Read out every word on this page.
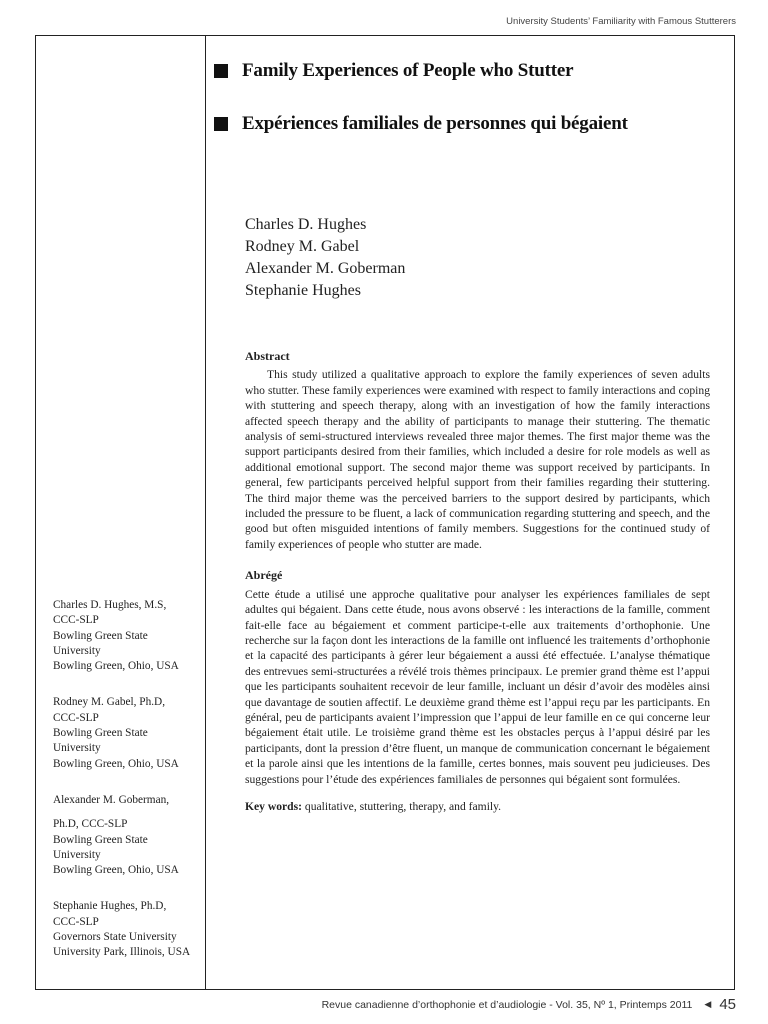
University Students’ Familiarity with Famous Stutterers
Family Experiences of People who Stutter
Expériences familiales de personnes qui bégaient
Charles D. Hughes
Rodney M. Gabel
Alexander M. Goberman
Stephanie Hughes
Abstract

This study utilized a qualitative approach to explore the family experiences of seven adults who stutter. These family experiences were examined with respect to family interactions and coping with stuttering and speech therapy, along with an investigation of how the family interactions affected speech therapy and the ability of participants to manage their stuttering. The thematic analysis of semi-structured interviews revealed three major themes. The first major theme was the support participants desired from their families, which included a desire for role models as well as additional emotional support. The second major theme was support received by participants. In general, few participants perceived helpful support from their families regarding their stuttering. The third major theme was the perceived barriers to the support desired by participants, which included the pressure to be fluent, a lack of communication regarding stuttering and speech, and the good but often misguided intentions of family members. Suggestions for the continued study of family experiences of people who stutter are made.

Abrégé

Cette étude a utilisé une approche qualitative pour analyser les expériences familiales de sept adultes qui bégaient. Dans cette étude, nous avons observé : les interactions de la famille, comment fait-elle face au bégaiement et comment participe-t-elle aux traitements d’orthophonie. Une recherche sur la façon dont les interactions de la famille ont influencé les traitements d’orthophonie et la capacité des participants à gérer leur bégaiement a aussi été effectuée. L’analyse thématique des entrevues semi-structurées a révélé trois thèmes principaux. Le premier grand thème est l’appui que les participants souhaitent recevoir de leur famille, incluant un désir d’avoir des modèles ainsi que davantage de soutien affectif. Le deuxième grand thème est l’appui reçu par les participants. En général, peu de participants avaient l’impression que l’appui de leur famille en ce qui concerne leur bégaiement était utile. Le troisième grand thème est les obstacles perçus à l’appui désiré par les participants, dont la pression d’être fluent, un manque de communication concernant le bégaiement et la parole ainsi que les intentions de la famille, certes bonnes, mais souvent peu judicieuses. Des suggestions pour l’étude des expériences familiales de personnes qui bégaient sont formulées.

Key words: qualitative, stuttering, therapy, and family.

Charles D. Hughes, M.S,
CCC-SLP
Bowling Green State
University
Bowling Green, Ohio, USA
Rodney M. Gabel, Ph.D,
CCC-SLP
Bowling Green State
University
Bowling Green, Ohio, USA
Alexander M. Goberman,
Ph.D, CCC-SLP
Bowling Green State
University
Bowling Green, Ohio, USA
Stephanie Hughes, Ph.D,
CCC-SLP
Governors State University
University Park, Illinois, USA
Revue canadienne d’orthophonie et d’audiologie - Vol. 35, Nº 1, Printemps 2011 ◀ 45
